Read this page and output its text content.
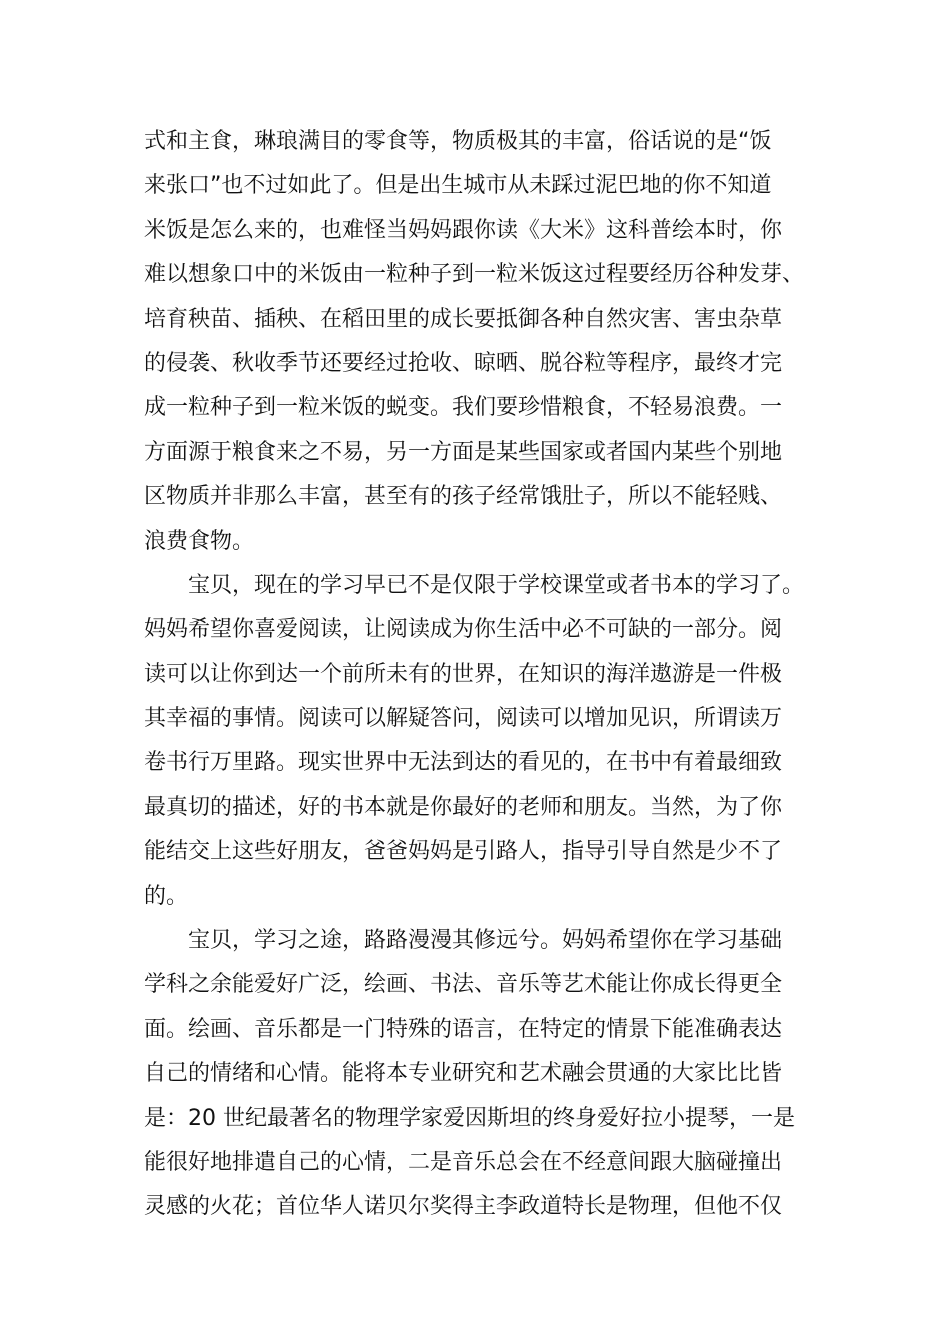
式和主食，琳琅满目的零食等，物质极其的丰富，俗话说的是“饭
来张口”也不过如此了。但是出生城市从未踩过泥巴地的你不知道
米饭是怎么来的，也难怪当妈妈跟你读《大米》这科普绘本时，你
难以想象口中的米饭由一粒种子到一粒米饭这过程要经历谷种发芽、
培育秧苗、插秧、在稻田里的成长要抵御各种自然灾害、害虫杂草
的侵袭、秋收季节还要经过抢收、晾晒、脱谷粒等程序，最终才完
成一粒种子到一粒米饭的蜕变。我们要珍惜粮食，不轻易浪费。一
方面源于粮食来之不易，另一方面是某些国家或者国内某些个别地
区物质并非那么丰富，甚至有的孩子经常饿肚子，所以不能轻贱、
浪费食物。
宝贝，现在的学习早已不是仅限于学校课堂或者书本的学习了。
妈妈希望你喜爱阅读，让阅读成为你生活中必不可缺的一部分。阅
读可以让你到达一个前所未有的世界，在知识的海洋遨游是一件极
其幸福的事情。阅读可以解疑答问，阅读可以增加见识，所谓读万
卷书行万里路。现实世界中无法到达的看见的，在书中有着最细致
最真切的描述，好的书本就是你最好的老师和朋友。当然，为了你
能结交上这些好朋友，爸爸妈妈是引路人，指导引导自然是少不了
的。
宝贝，学习之途，路路漫漫其修远兮。妈妈希望你在学习基础
学科之余能爱好广泛，绘画、书法、音乐等艺术能让你成长得更全
面。绘画、音乐都是一门特殊的语言，在特定的情景下能准确表达
自己的情绪和心情。能将本专业研究和艺术融会贯通的大家比比皆
是：20 世纪最著名的物理学家爱因斯坦的终身爱好拉小提琴，一是
能很好地排遣自己的心情，二是音乐总会在不经意间跟大脑碰撞出
灵感的火花；首位华人诺贝尔奖得主李政道特长是物理，但他不仅
